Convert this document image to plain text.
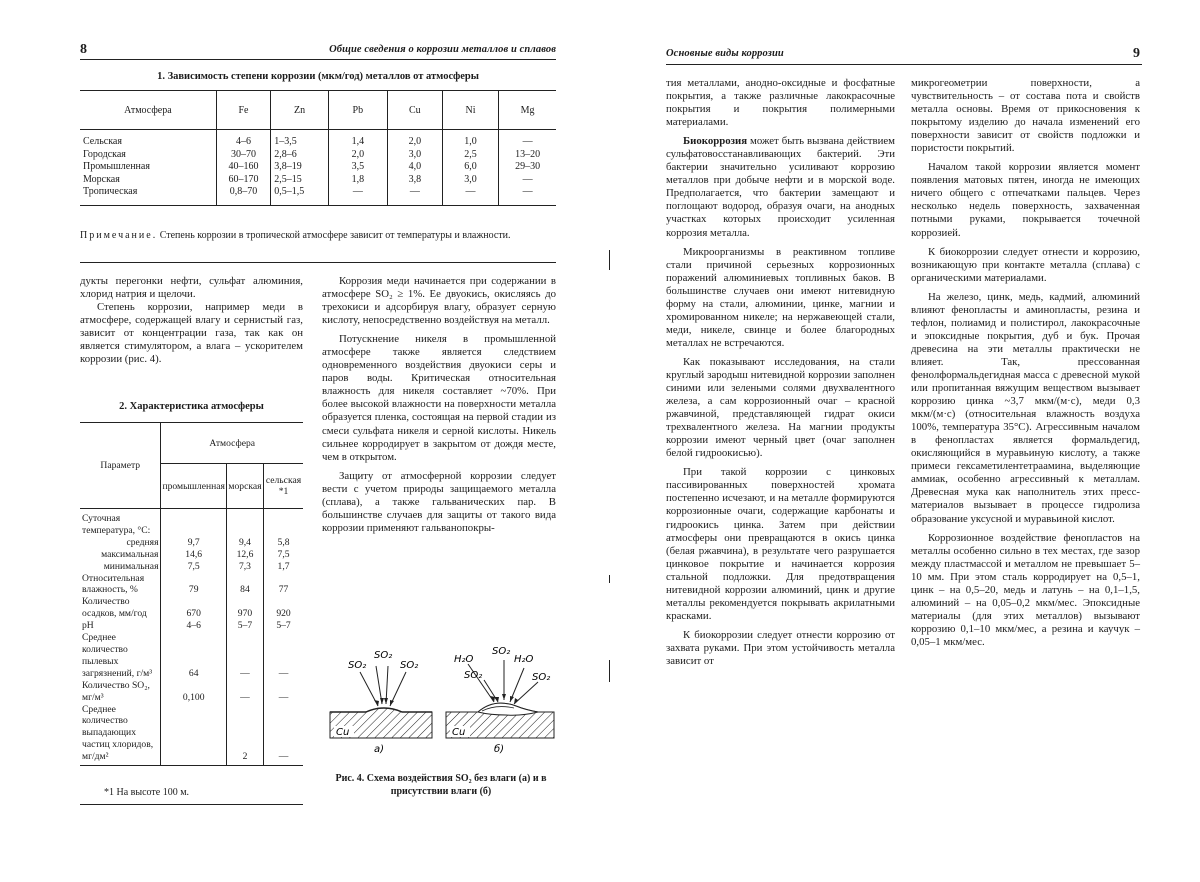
8	Общие сведения о коррозии металлов и сплавов
1. Зависимость степени коррозии (мкм/год) металлов от атмосферы
Атмосфера	Fe	Zn	Pb	Cu	Ni	Mg
Сельская	4–6	1–3,5	1,4	2,0	1,0	—
Городская	30–70	2,8–6	2,0	3,0	2,5	13–20
Промышленная	40–160	3,8–19	3,5	4,0	6,0	29–30
Морская	60–170	2,5–15	1,8	3,8	3,0	—
Тропическая	0,8–70	0,5–1,5	—	—	—	—
Примечание. Степень коррозии в тропической атмосфере зависит от температуры и влажности.

дукты перегонки нефти, сульфат алюминия, хлорид натрия и щелочи.

Степень коррозии, например меди в атмосфере, содержащей влагу и сернистый газ, зависит от концентрации газа, так как он является стимулятором, а влага – ускорителем коррозии (рис. 4).

2. Характеристика атмосферы
Параметр	Атмосфера		
	промышленная	морская	сельская *1
Суточная температура, °С:			
средняя	9,7	9,4	5,8
максимальная	14,6	12,6	7,5
минимальная	7,5	7,3	1,7
Относительная влажность, %	79	84	77
Количество осадков, мм/год	670	970	920
рН	4–6	5–7	5–7
Среднее количество пылевых загрязнений, г/м³	64	—	—
Количество SO₂, мг/м³	0,100	—	—
Среднее количество выпадающих частиц хлоридов, мг/дм²		2	—
*1 На высоте 100 м.

Коррозия меди начинается при содержании в атмосфере SO₂ ≥ 1%. Ее двуокись, окисляясь до трехокиси и адсорбируя влагу, образует серную кислоту, непосредственно воздействуя на металл.

Потускнение никеля в промышленной атмосфере также является следствием одновременного воздействия двуокиси серы и паров воды. Критическая относительная влажность для никеля составляет ~70%. При более высокой влажности на поверхности металла образуется пленка, состоящая на первой стадии из смеси сульфата никеля и серной кислоты. Никель сильнее корродирует в закрытом от дождя месте, чем в открытом.

Защиту от атмосферной коррозии следует вести с учетом природы защищаемого металла (сплава), а также гальванических пар. В большинстве случаев для защиты от такого вида коррозии применяют гальванопокры-

SO₂
SO₂
SO₂
Cu
а)
H₂O
SO₂
H₂O
SO₂	SO₂
Cu
б)
Рис. 4. Схема воздействия SO₂ без влаги (а) и в присутствии влаги (б)
Основные виды коррозии	9

тия металлами, анодно-оксидные и фосфатные покрытия, а также различные лакокрасочные покрытия и покрытия полимерными материалами.

Биокоррозия может быть вызвана действием сульфатовосстанавливающих бактерий. Эти бактерии значительно усиливают коррозию металлов при добыче нефти и в морской воде. Предполагается, что бактерии замещают и поглощают водород, образуя очаги, на анодных участках которых происходит усиленная коррозия металла.

Микроорганизмы в реактивном топливе стали причиной серьезных коррозионных поражений алюминиевых топливных баков. В большинстве случаев они имеют нитевидную форму на стали, алюминии, цинке, магнии и хромированном никеле; на нержавеющей стали, меди, никеле, свинце и более благородных металлах не встречаются.

Как показывают исследования, на стали круглый зародыш нитевидной коррозии заполнен синими или зелеными солями двухвалентного железа, а сам коррозионный очаг – красной ржавчиной, представляющей гидрат окиси трехвалентного железа. На магнии продукты коррозии имеют черный цвет (очаг заполнен белой гидроокисью).

При такой коррозии с цинковых пассивированных поверхностей хромата постепенно исчезают, и на металле формируются коррозионные очаги, содержащие карбонаты и гидроокись цинка. Затем при действии атмосферы они превращаются в окись цинка (белая ржавчина), в результате чего разрушается цинковое покрытие и начинается коррозия стальной подложки. Для предотвращения нитевидной коррозии алюминий, цинк и другие металлы рекомендуется покрывать акрилатными красками.

К биокоррозии следует отнести коррозию от захвата руками. При этом устойчивость металла зависит от

микрогеометрии поверхности, а чувствительность – от состава пота и свойств металла основы. Время от прикосновения к покрытому изделию до начала изменений его поверхности зависит от свойств подложки и пористости покрытий.

Началом такой коррозии является момент появления матовых пятен, иногда не имеющих ничего общего с отпечатками пальцев. Через несколько недель поверхность, захваченная потными руками, покрывается точечной коррозией.

К биокоррозии следует отнести и коррозию, возникающую при контакте металла (сплава) с органическими материалами.

На железо, цинк, медь, кадмий, алюминий влияют фенопласты и аминопласты, резина и тефлон, полиамид и полистирол, лакокрасочные и эпоксидные покрытия, дуб и бук. Прочая древесина на эти металлы практически не влияет. Так, прессованная фенолформальдегидная масса с древесной мукой или пропитанная вяжущим веществом вызывает коррозию цинка ~3,7 мкм/(м·с), меди 0,3 мкм/(м·с) (относительная влажность воздуха 100%, температура 35°С). Агрессивным началом в фенопластах является формальдегид, окисляющийся в муравьиную кислоту, а также примеси гексаметилентетраамина, выделяющие аммиак, особенно агрессивный к металлам. Древесная мука как наполнитель этих пресс-материалов вызывает в процессе гидролиза образование уксусной и муравьиной кислот.

Коррозионное воздействие фенопластов на металлы особенно сильно в тех местах, где зазор между пластмассой и металлом не превышает 5–10 мм. При этом сталь корродирует на 0,5–1, цинк – на 0,5–20, медь и латунь – на 0,1–1,5, алюминий – на 0,05–0,2 мкм/мес. Эпоксидные материалы (для этих металлов) вызывают коррозию 0,1–10 мкм/мес, а резина и каучук – 0,05–1 мкм/мес.
